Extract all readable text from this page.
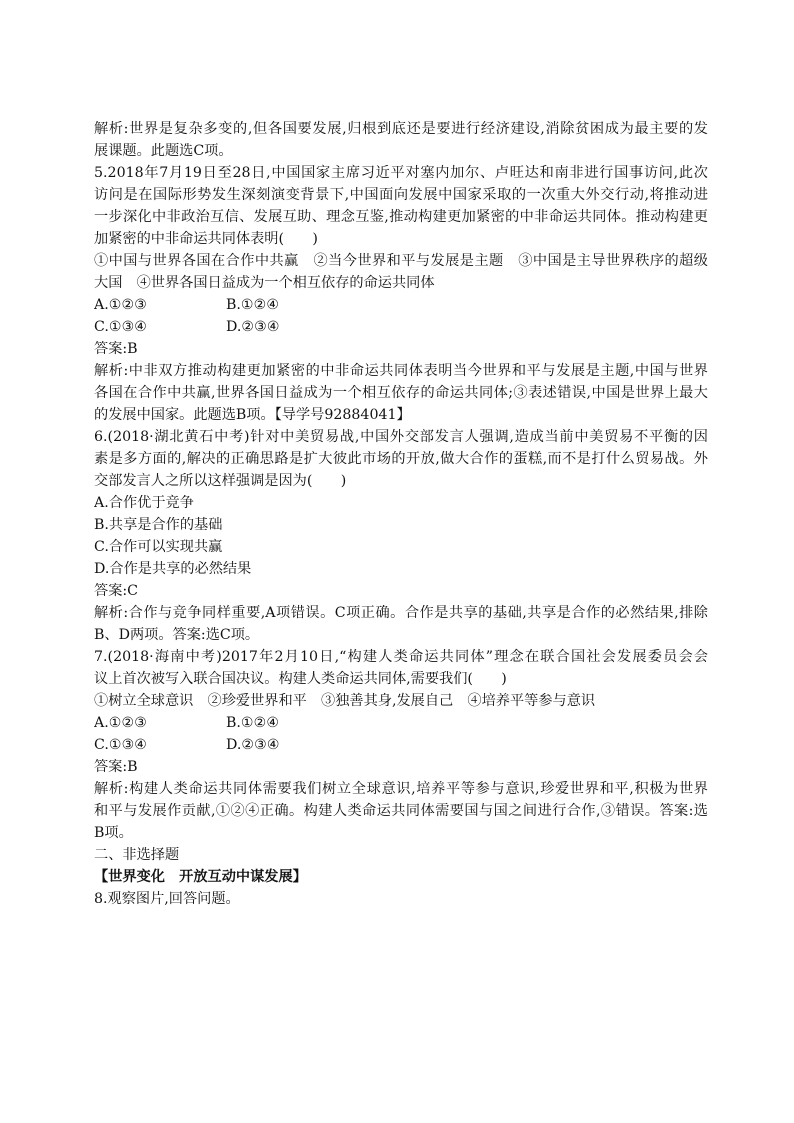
解析:世界是复杂多变的,但各国要发展,归根到底还是要进行经济建设,消除贫困成为最主要的发
展课题。此题选C项。
5.2018年7月19日至28日,中国国家主席习近平对塞内加尔、卢旺达和南非进行国事访问,此次
访问是在国际形势发生深刻演变背景下,中国面向发展中国家采取的一次重大外交行动,将推动进
一步深化中非政治互信、发展互助、理念互鉴,推动构建更加紧密的中非命运共同体。推动构建更
加紧密的中非命运共同体表明(　　)
①中国与世界各国在合作中共赢　②当今世界和平与发展是主题　③中国是主导世界秩序的超级
大国　④世界各国日益成为一个相互依存的命运共同体
A.①②③	B.①②④
C.①③④	D.②③④
答案:B
解析:中非双方推动构建更加紧密的中非命运共同体表明当今世界和平与发展是主题,中国与世界
各国在合作中共赢,世界各国日益成为一个相互依存的命运共同体;③表述错误,中国是世界上最大
的发展中国家。此题选B项。【导学号92884041】
6.(2018·湖北黄石中考)针对中美贸易战,中国外交部发言人强调,造成当前中美贸易不平衡的因
素是多方面的,解决的正确思路是扩大彼此市场的开放,做大合作的蛋糕,而不是打什么贸易战。外
交部发言人之所以这样强调是因为(　　)
A.合作优于竞争
B.共享是合作的基础
C.合作可以实现共赢
D.合作是共享的必然结果
答案:C
解析:合作与竞争同样重要,A项错误。C项正确。合作是共享的基础,共享是合作的必然结果,排除
B、D两项。答案:选C项。
7.(2018·海南中考)2017年2月10日,“构建人类命运共同体”理念在联合国社会发展委员会会
议上首次被写入联合国决议。构建人类命运共同体,需要我们(　　)
①树立全球意识　②珍爱世界和平　③独善其身,发展自己　④培养平等参与意识
A.①②③	B.①②④
C.①③④	D.②③④
答案:B
解析:构建人类命运共同体需要我们树立全球意识,培养平等参与意识,珍爱世界和平,积极为世界
和平与发展作贡献,①②④正确。构建人类命运共同体需要国与国之间进行合作,③错误。答案:选
B项。
二、非选择题
【世界变化　开放互动中谋发展】
8.观察图片,回答问题。
